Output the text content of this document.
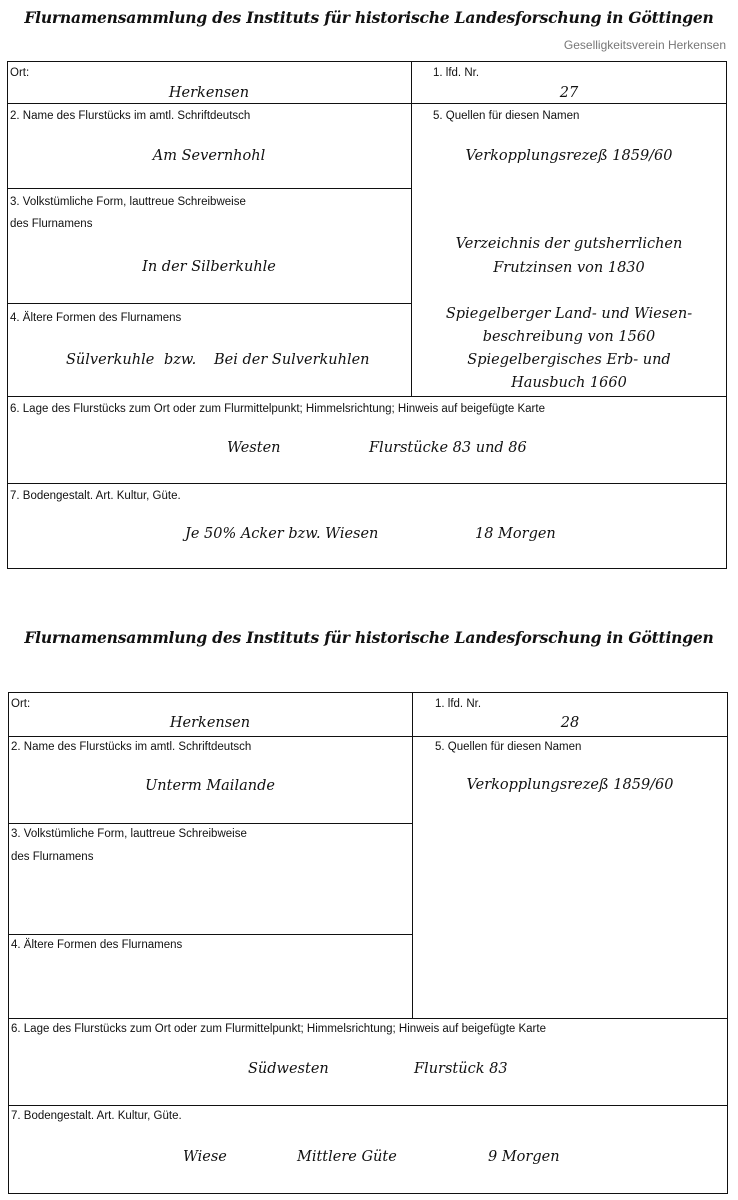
Flurnamensammlung des Instituts für historische Landesforschung in Göttingen
Geselligkeitsverein Herkensen
Ort:
Herkensen
1. lfd. Nr.
27
2. Name des Flurstücks im amtl. Schriftdeutsch
Am Severnhohl
5. Quellen für diesen Namen
Verkopplungsrezeß 1859/60
Verzeichnis der gutsherrlichen
Frutzinsen von 1830
Spiegelberger Land- und Wiesen-
beschreibung von 1560
Spiegelbergisches Erb- und
Hausbuch 1660
3. Volkstümliche Form, lauttreue Schreibweise
des Flurnamens
In der Silberkuhle
4. Ältere Formen des Flurnamens
Sülverkuhle bzw. Bei der Sulverkuhlen
6. Lage des Flurstücks zum Ort oder zum Flurmittelpunkt; Himmelsrichtung; Hinweis auf beigefügte Karte
Westen	Flurstücke 83 und 86
7. Bodengestalt. Art. Kultur, Güte.
Je 50% Acker bzw. Wiesen	18 Morgen
Flurnamensammlung des Instituts für historische Landesforschung in Göttingen
Ort:
Herkensen
1. lfd. Nr.
28
2. Name des Flurstücks im amtl. Schriftdeutsch
Unterm Mailande
5. Quellen für diesen Namen
Verkopplungsrezeß 1859/60
3. Volkstümliche Form, lauttreue Schreibweise
des Flurnamens
4. Ältere Formen des Flurnamens
6. Lage des Flurstücks zum Ort oder zum Flurmittelpunkt; Himmelsrichtung; Hinweis auf beigefügte Karte
Südwesten	Flurstück 83
7. Bodengestalt. Art. Kultur, Güte.
Wiese	Mittlere Güte	9 Morgen
